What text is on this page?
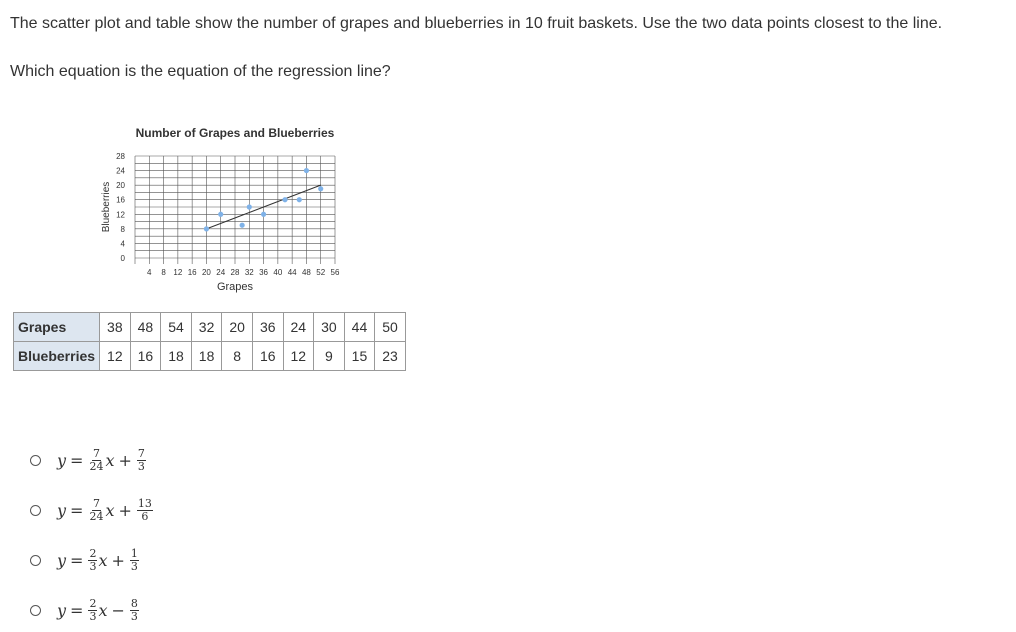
The scatter plot and table show the number of grapes and blueberries in 10 fruit baskets. Use the two data points closest to the line.

Which equation is the equation of the regression line?

Number of Grapes and Blueberries
0
4
8
12
16
20
24
28
4 8 12 16 20 24 28 32 36 40 44 48 52 56
Grapes
Blueberries
Grapes	38	48	54	32	20	36	24	30	44	50
Blueberries	12	16	18	18	8	16	12	9	15	23
$y = \frac{7}{24}$ $x + \frac{7}{3}$
$y = \frac{7}{24}$ $x + \frac{13}{6}$
$y = \frac{2}{3}$ $x + \frac{1}{3}$
$y = \frac{2}{3}$ $x - \frac{8}{3}$
